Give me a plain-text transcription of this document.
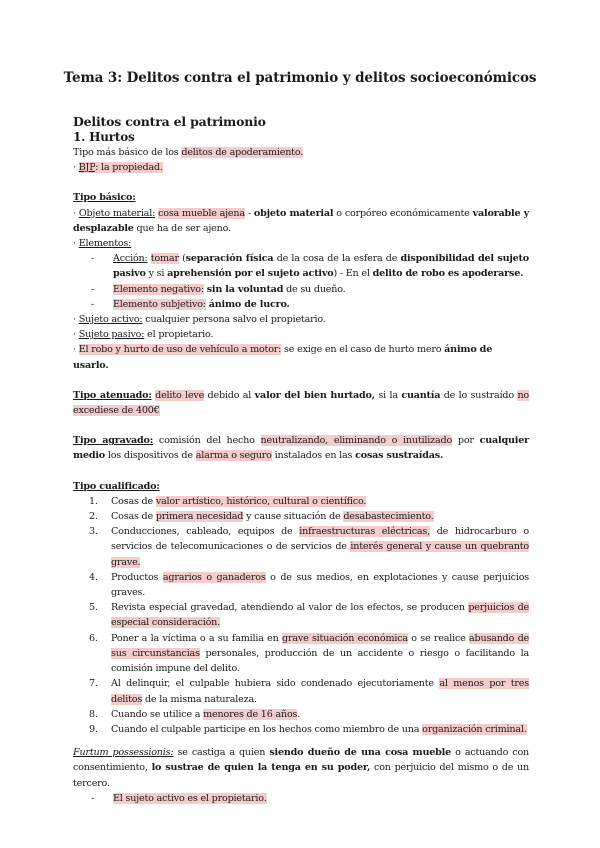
Tema 3: Delitos contra el patrimonio y delitos socioeconómicos

Delitos contra el patrimonio

1. Hurtos

Tipo más básico de los delitos de apoderamiento.

· BJP: la propiedad.

Tipo básico:

· Objeto material: cosa mueble ajena - objeto material o corpóreo económicamente valorable y desplazable que ha de ser ajeno.

· Elementos:

-	Acción: tomar (separación física de la cosa de la esfera de disponibilidad del sujeto pasivo y si aprehensión por el sujeto activo) - En el delito de robo es apoderarse.
-	Elemento negativo: sin la voluntad de su dueño.
-	Elemento subjetivo: ánimo de lucro.

· Sujeto activo: cualquier persona salvo el propietario.

· Sujeto pasivo: el propietario.

· El robo y hurto de uso de vehículo a motor: se exige en el caso de hurto mero ánimo de usarlo.

Tipo atenuado: delito leve debido al valor del bien hurtado, si la cuantía de lo sustraído no excediese de 400€

Tipo agravado: comisión del hecho neutralizando, eliminando o inutilizado por cualquier medio los dispositivos de alarma o seguro instalados en las cosas sustraídas.

Tipo cualificado:

1.	Cosas de valor artístico, histórico, cultural o científico.
2.	Cosas de primera necesidad y cause situación de desabastecimiento.
3.	Conducciones, cableado, equipos de infraestructuras eléctricas, de hidrocarburo o servicios de telecomunicaciones o de servicios de interés general y cause un quebranto grave.
4.	Productos agrarios o ganaderos o de sus medios, en explotaciones y cause perjuicios graves.
5.	Revista especial gravedad, atendiendo al valor de los efectos, se producen perjuicios de especial consideración.
6.	Poner a la víctima o a su familia en grave situación económica o se realice abusando de sus circunstancias personales, producción de un accidente o riesgo o facilitando la comisión impune del delito.
7.	Al delinquir, el culpable hubiera sido condenado ejecutoriamente al menos por tres delitos de la misma naturaleza.
8.	Cuando se utilice a menores de 16 años.
9.	Cuando el culpable participe en los hechos como miembro de una organización criminal.

Furtum possessionis: se castiga a quien siendo dueño de una cosa mueble o actuando con consentimiento, lo sustrae de quien la tenga en su poder, con perjuicio del mismo o de un tercero.

-	El sujeto activo es el propietario.
